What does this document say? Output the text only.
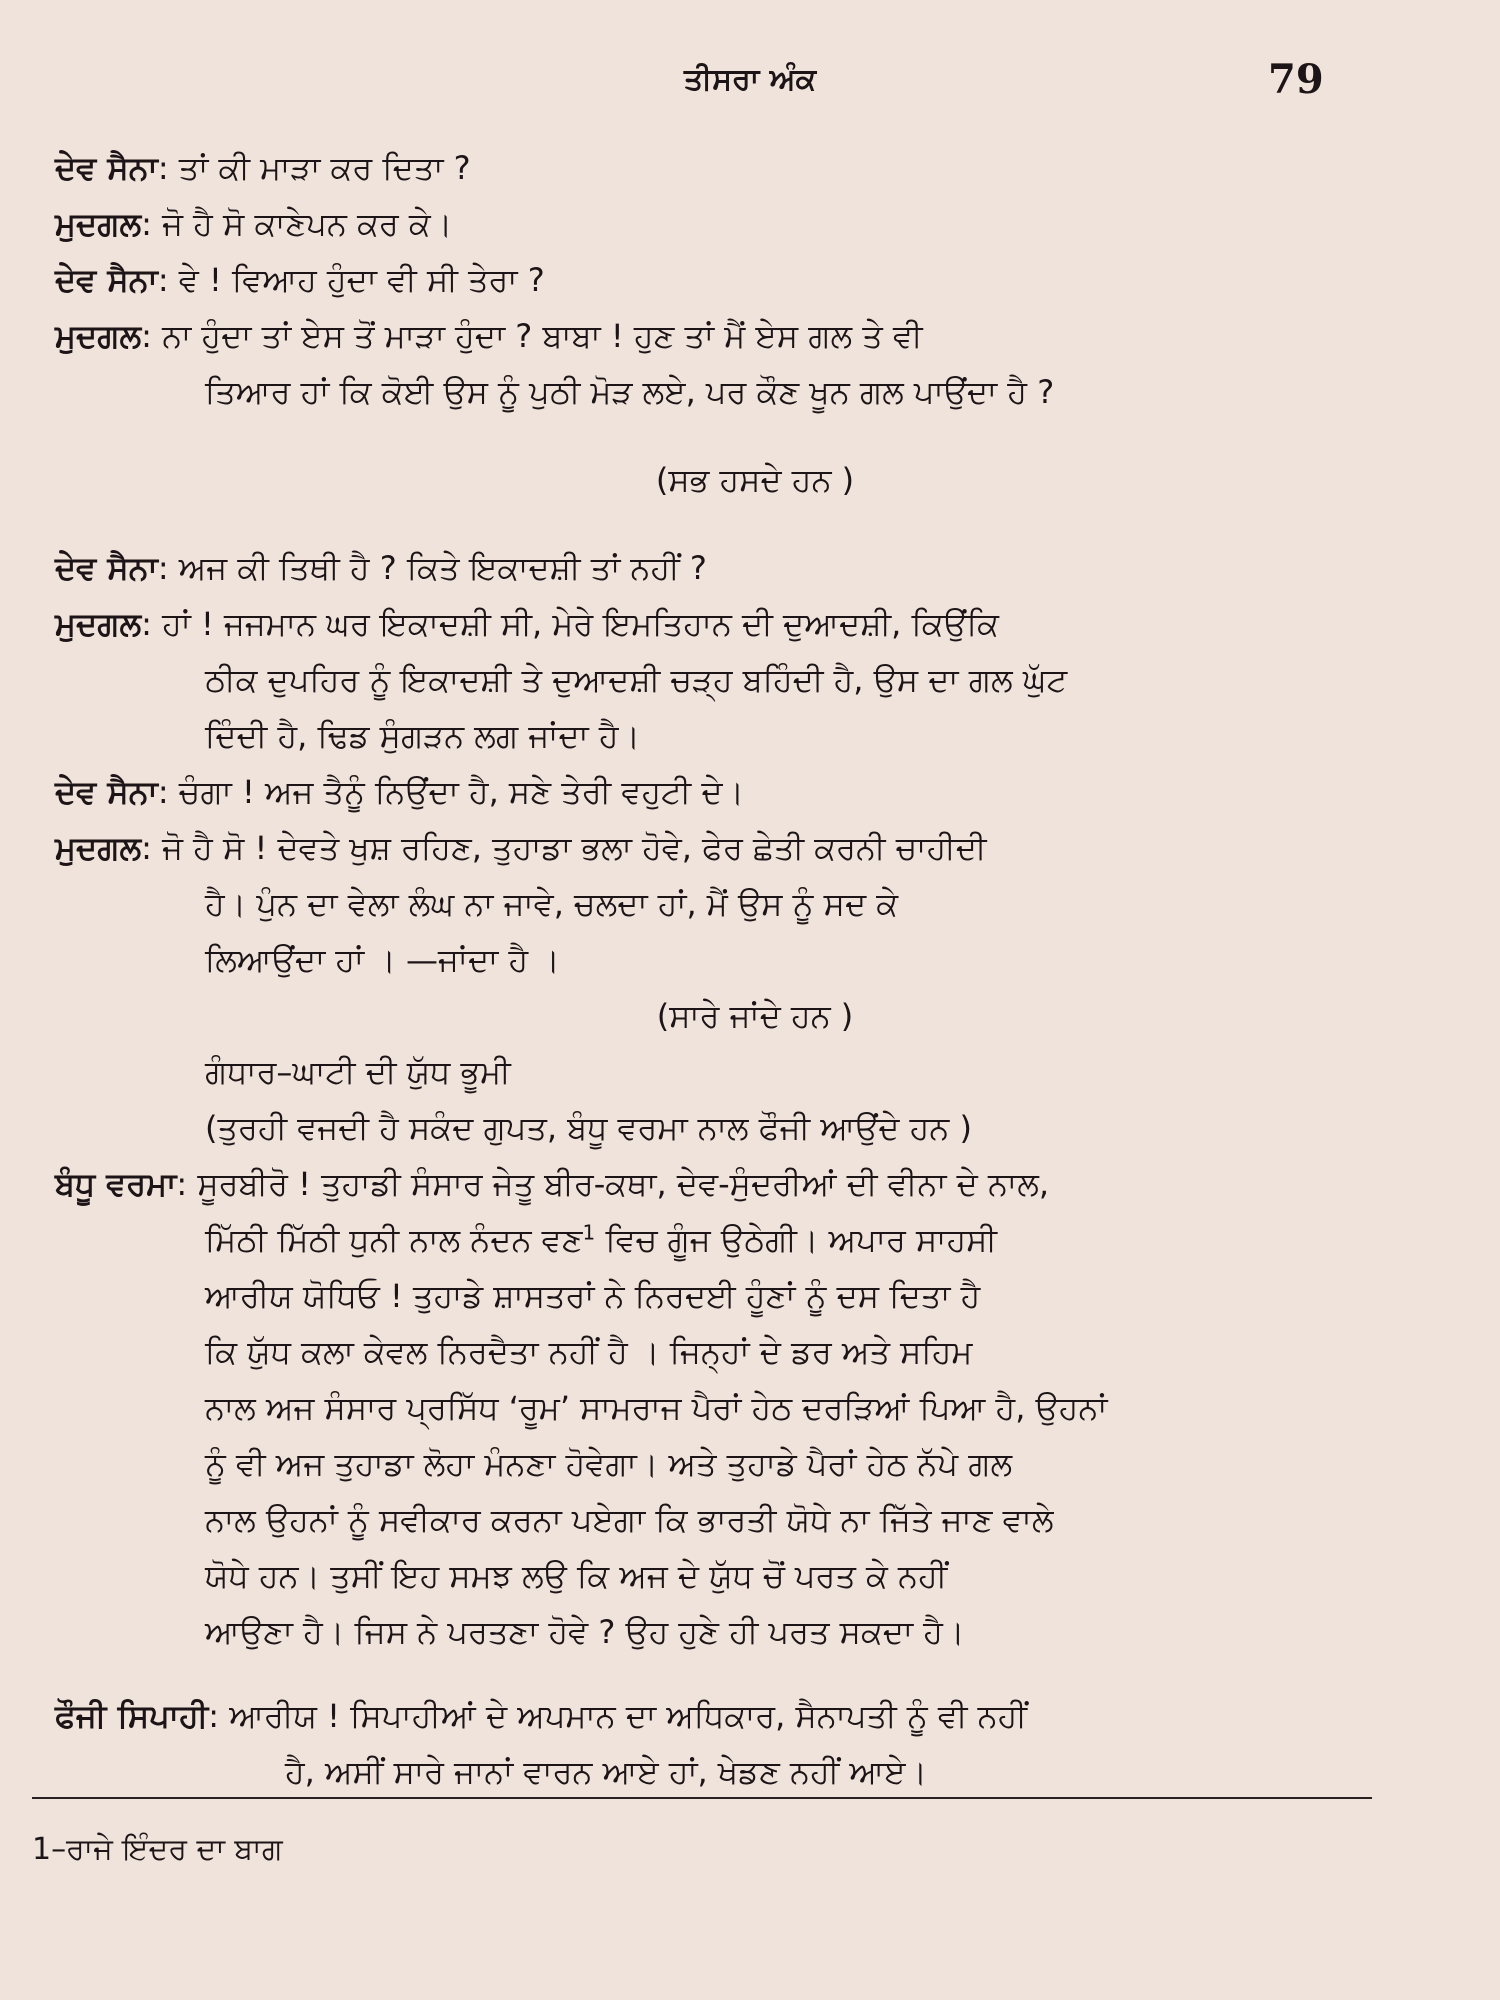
ਤੀਸਰਾ ਅੰਕ	79
ਦੇਵ ਸੈਨਾ: ਤਾਂ ਕੀ ਮਾੜਾ ਕਰ ਦਿਤਾ ?
ਮੁਦਗਲ: ਜੋ ਹੈ ਸੋ ਕਾਣੇਪਨ ਕਰ ਕੇ।
ਦੇਵ ਸੈਨਾ: ਵੇ ! ਵਿਆਹ ਹੁੰਦਾ ਵੀ ਸੀ ਤੇਰਾ ?
ਮੁਦਗਲ: ਨਾ ਹੁੰਦਾ ਤਾਂ ਏਸ ਤੋਂ ਮਾੜਾ ਹੁੰਦਾ ? ਬਾਬਾ ! ਹੁਣ ਤਾਂ ਮੈਂ ਏਸ ਗਲ ਤੇ ਵੀ
ਤਿਆਰ ਹਾਂ ਕਿ ਕੋਈ ਉਸ ਨੂੰ ਪੁਠੀ ਮੋੜ ਲਏ, ਪਰ ਕੌਣ ਖੂਨ ਗਲ ਪਾਉਂਦਾ ਹੈ ?
(ਸਭ ਹਸਦੇ ਹਨ )
ਦੇਵ ਸੈਨਾ: ਅਜ ਕੀ ਤਿਥੀ ਹੈ ? ਕਿਤੇ ਇਕਾਦਸ਼ੀ ਤਾਂ ਨਹੀਂ ?
ਮੁਦਗਲ: ਹਾਂ ! ਜਜਮਾਨ ਘਰ ਇਕਾਦਸ਼ੀ ਸੀ, ਮੇਰੇ ਇਮਤਿਹਾਨ ਦੀ ਦੁਆਦਸ਼ੀ, ਕਿਉਂਕਿ
ਠੀਕ ਦੁਪਹਿਰ ਨੂੰ ਇਕਾਦਸ਼ੀ ਤੇ ਦੁਆਦਸ਼ੀ ਚੜ੍ਹ ਬਹਿੰਦੀ ਹੈ, ਉਸ ਦਾ ਗਲ ਘੁੱਟ
ਦਿੰਦੀ ਹੈ, ਢਿਡ ਸੁੰਗੜਨ ਲਗ ਜਾਂਦਾ ਹੈ।
ਦੇਵ ਸੈਨਾ: ਚੰਗਾ ! ਅਜ ਤੈਨੂੰ ਨਿਉਂਦਾ ਹੈ, ਸਣੇ ਤੇਰੀ ਵਹੁਟੀ ਦੇ।
ਮੁਦਗਲ: ਜੋ ਹੈ ਸੋ ! ਦੇਵਤੇ ਖੁਸ਼ ਰਹਿਣ, ਤੁਹਾਡਾ ਭਲਾ ਹੋਵੇ, ਫੇਰ ਛੇਤੀ ਕਰਨੀ ਚਾਹੀਦੀ
ਹੈ। ਪੁੰਨ ਦਾ ਵੇਲਾ ਲੰਘ ਨਾ ਜਾਵੇ, ਚਲਦਾ ਹਾਂ, ਮੈਂ ਉਸ ਨੂੰ ਸਦ ਕੇ
ਲਿਆਉਂਦਾ ਹਾਂ । —ਜਾਂਦਾ ਹੈ ।
(ਸਾਰੇ ਜਾਂਦੇ ਹਨ )
ਗੰਧਾਰ–ਘਾਟੀ ਦੀ ਯੁੱਧ ਭੂਮੀ
(ਤੁਰਹੀ ਵਜਦੀ ਹੈ ਸਕੰਦ ਗੁਪਤ, ਬੰਧੂ ਵਰਮਾ ਨਾਲ ਫੌਜੀ ਆਉਂਦੇ ਹਨ )
ਬੰਧੂ ਵਰਮਾ: ਸੂਰਬੀਰੋ ! ਤੁਹਾਡੀ ਸੰਸਾਰ ਜੇਤੂ ਬੀਰ-ਕਥਾ, ਦੇਵ-ਸੁੰਦਰੀਆਂ ਦੀ ਵੀਨਾ ਦੇ ਨਾਲ,
ਮਿੱਠੀ ਮਿੱਠੀ ਧੁਨੀ ਨਾਲ ਨੰਦਨ ਵਣ$^1$ ਵਿਚ ਗੂੰਜ ਉਠੇਗੀ। ਅਪਾਰ ਸਾਹਸੀ
ਆਰੀਯ ਯੋਧਿਓ ! ਤੁਹਾਡੇ ਸ਼ਾਸਤਰਾਂ ਨੇ ਨਿਰਦਈ ਹੂੰਣਾਂ ਨੂੰ ਦਸ ਦਿਤਾ ਹੈ
ਕਿ ਯੁੱਧ ਕਲਾ ਕੇਵਲ ਨਿਰਦੈਤਾ ਨਹੀਂ ਹੈ । ਜਿਨ੍ਹਾਂ ਦੇ ਡਰ ਅਤੇ ਸਹਿਮ
ਨਾਲ ਅਜ ਸੰਸਾਰ ਪ੍ਰਸਿੱਧ ‘ਰੂਮ’ ਸਾਮਰਾਜ ਪੈਰਾਂ ਹੇਠ ਦਰੜਿਆਂ ਪਿਆ ਹੈ, ਉਹਨਾਂ
ਨੂੰ ਵੀ ਅਜ ਤੁਹਾਡਾ ਲੋਹਾ ਮੰਨਣਾ ਹੋਵੇਗਾ। ਅਤੇ ਤੁਹਾਡੇ ਪੈਰਾਂ ਹੇਠ ਨੱਪੇ ਗਲ
ਨਾਲ ਉਹਨਾਂ ਨੂੰ ਸਵੀਕਾਰ ਕਰਨਾ ਪਏਗਾ ਕਿ ਭਾਰਤੀ ਯੋਧੇ ਨਾ ਜਿੱਤੇ ਜਾਣ ਵਾਲੇ
ਯੋਧੇ ਹਨ। ਤੁਸੀਂ ਇਹ ਸਮਝ ਲਉ ਕਿ ਅਜ ਦੇ ਯੁੱਧ ਚੋਂ ਪਰਤ ਕੇ ਨਹੀਂ
ਆਉਣਾ ਹੈ। ਜਿਸ ਨੇ ਪਰਤਣਾ ਹੋਵੇ ? ਉਹ ਹੁਣੇ ਹੀ ਪਰਤ ਸਕਦਾ ਹੈ।
ਫੌਜੀ ਸਿਪਾਹੀ: ਆਰੀਯ ! ਸਿਪਾਹੀਆਂ ਦੇ ਅਪਮਾਨ ਦਾ ਅਧਿਕਾਰ, ਸੈਨਾਪਤੀ ਨੂੰ ਵੀ ਨਹੀਂ
ਹੈ, ਅਸੀਂ ਸਾਰੇ ਜਾਨਾਂ ਵਾਰਨ ਆਏ ਹਾਂ, ਖੇਡਣ ਨਹੀਂ ਆਏ।
1–ਰਾਜੇ ਇੰਦਰ ਦਾ ਬਾਗ
